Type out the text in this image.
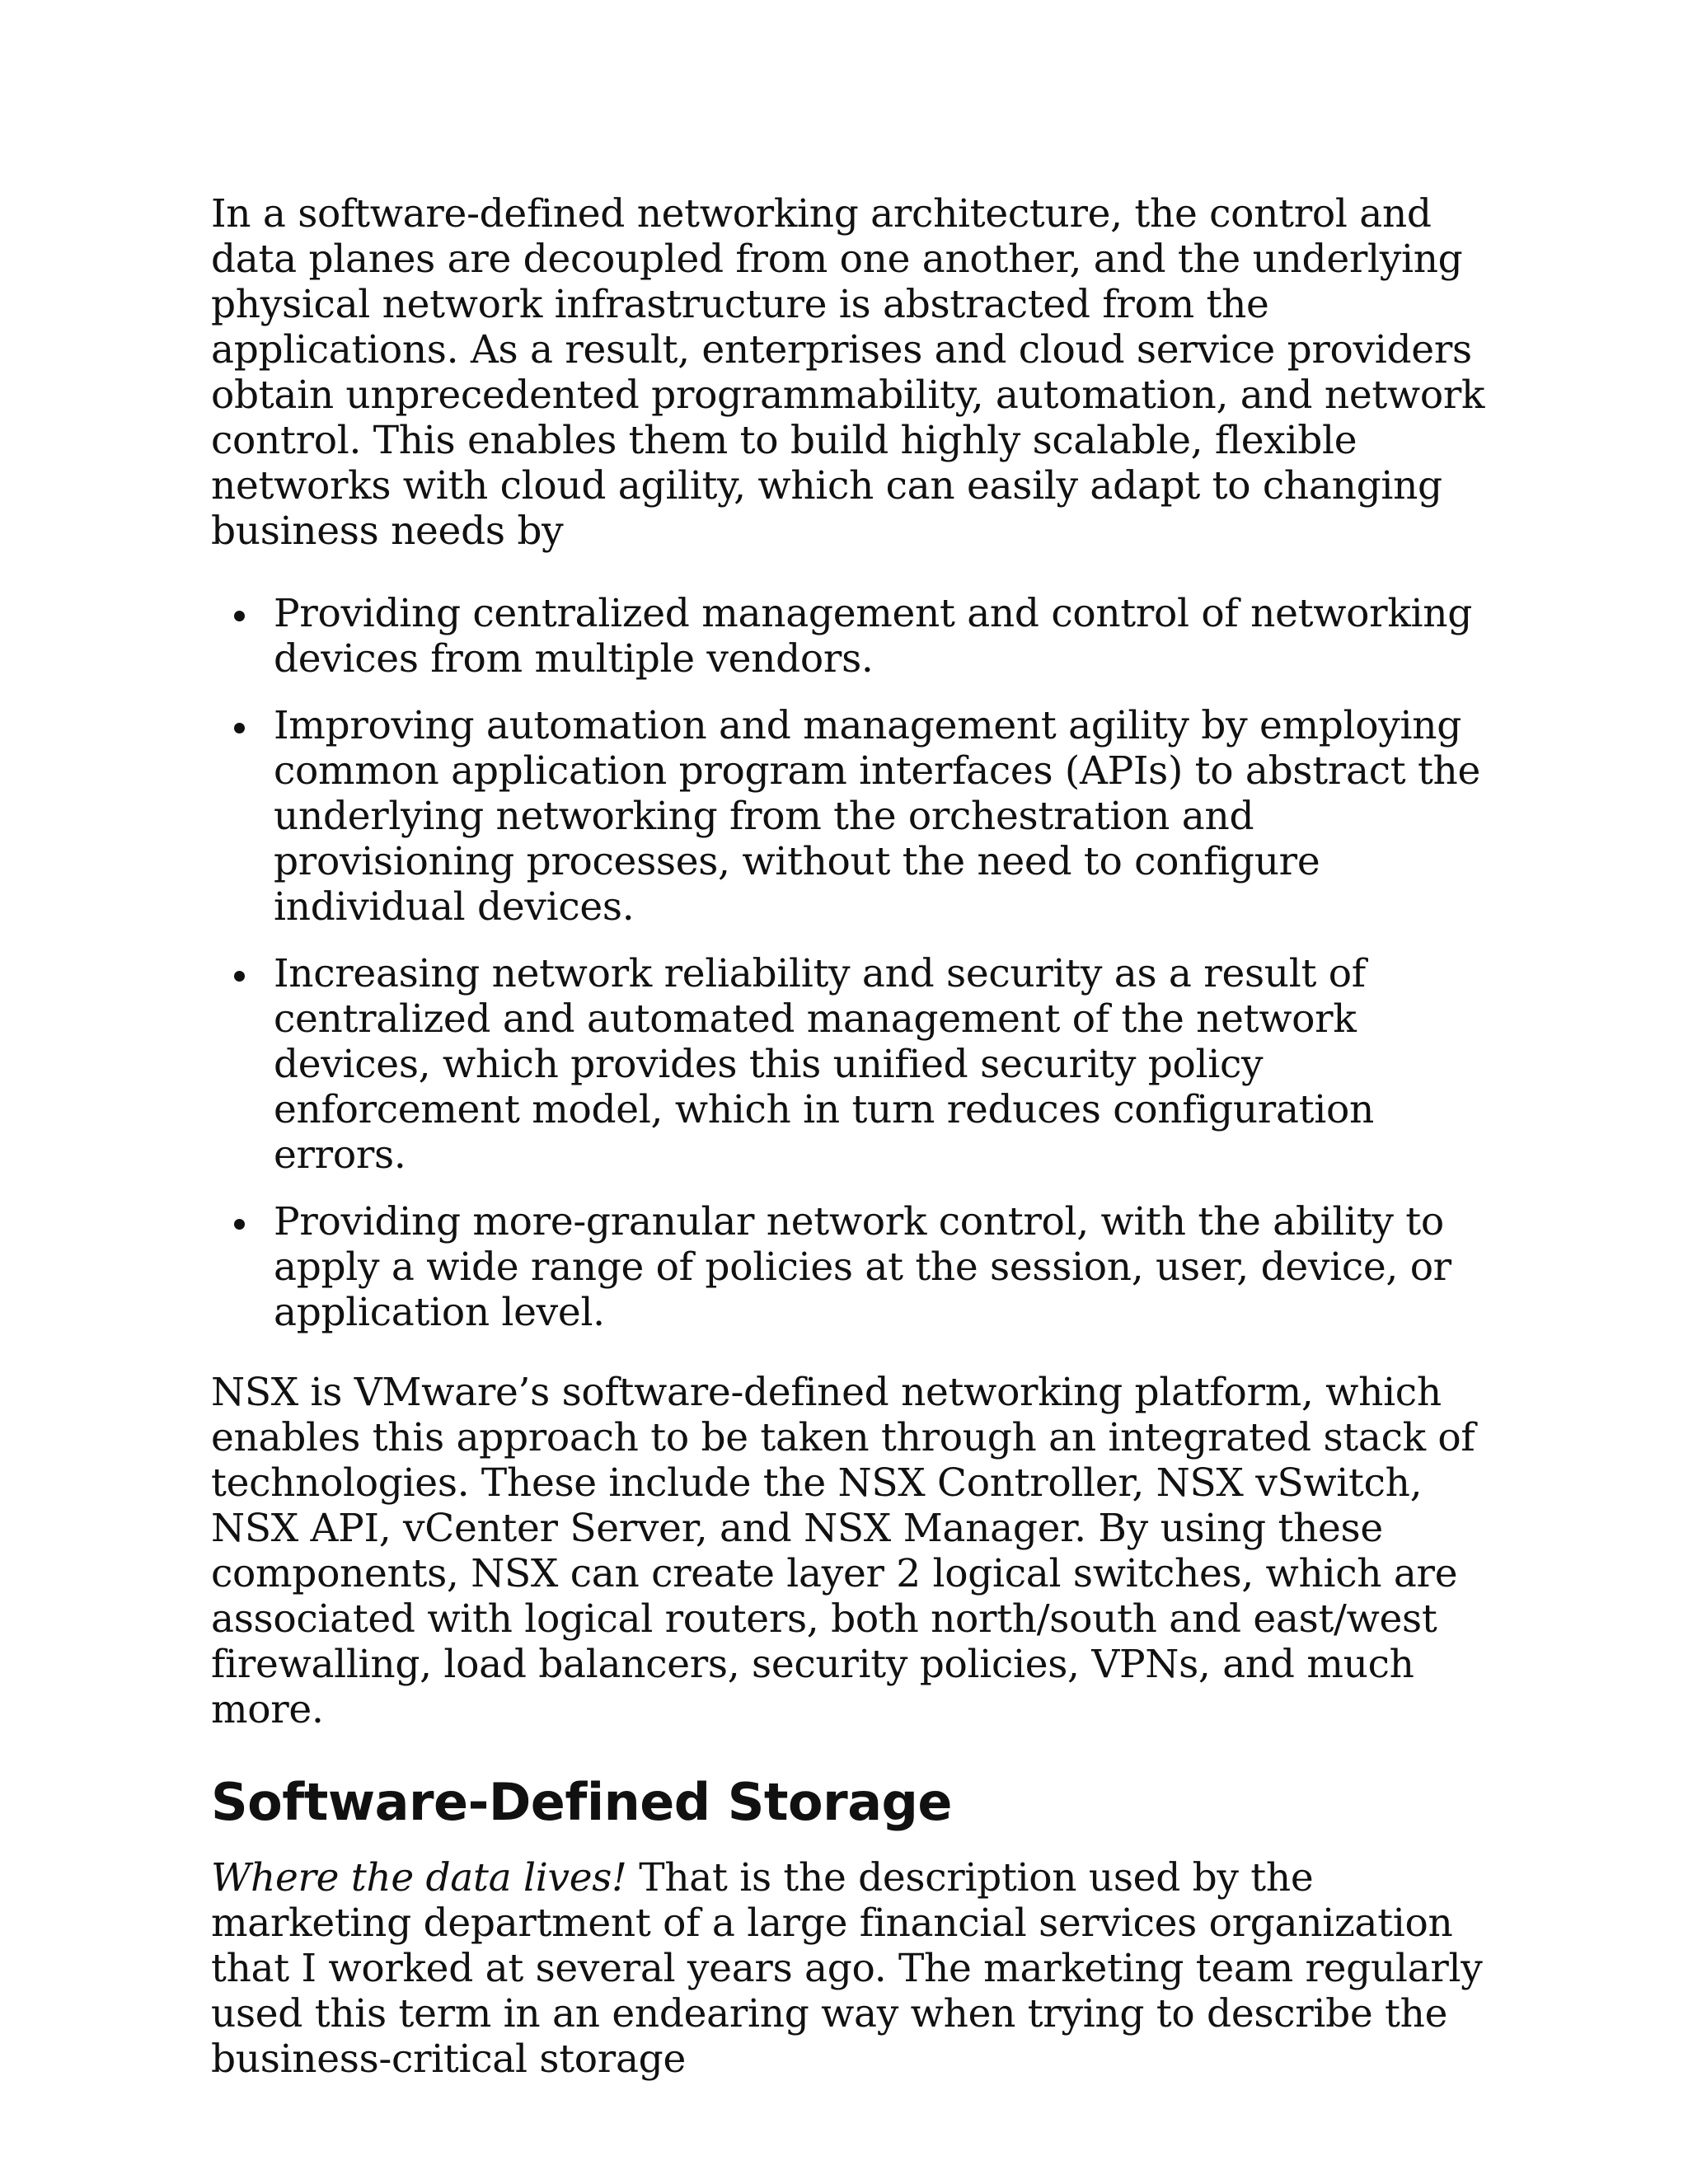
In a software-defined networking architecture, the control and data planes are decoupled from one another, and the underlying physical network infrastructure is abstracted from the applications. As a result, enterprises and cloud service providers obtain unprecedented programmability, automation, and network control. This enables them to build highly scalable, flexible networks with cloud agility, which can easily adapt to changing business needs by

Providing centralized management and control of networking devices from multiple vendors.
Improving automation and management agility by employing common application program interfaces (APIs) to abstract the underlying networking from the orchestration and provisioning processes, without the need to configure individual devices.
Increasing network reliability and security as a result of centralized and automated management of the network devices, which provides this unified security policy enforcement model, which in turn reduces configuration errors.
Providing more-granular network control, with the ability to apply a wide range of policies at the session, user, device, or application level.

NSX is VMware’s software-defined networking platform, which enables this approach to be taken through an integrated stack of technologies. These include the NSX Controller, NSX vSwitch, NSX API, vCenter Server, and NSX Manager. By using these components, NSX can create layer 2 logical switches, which are associated with logical routers, both north/south and east/west firewalling, load balancers, security policies, VPNs, and much more.

Software-Defined Storage

Where the data lives! That is the description used by the marketing department of a large financial services organization that I worked at several years ago. The marketing team regularly used this term in an endearing way when trying to describe the business-critical storage
